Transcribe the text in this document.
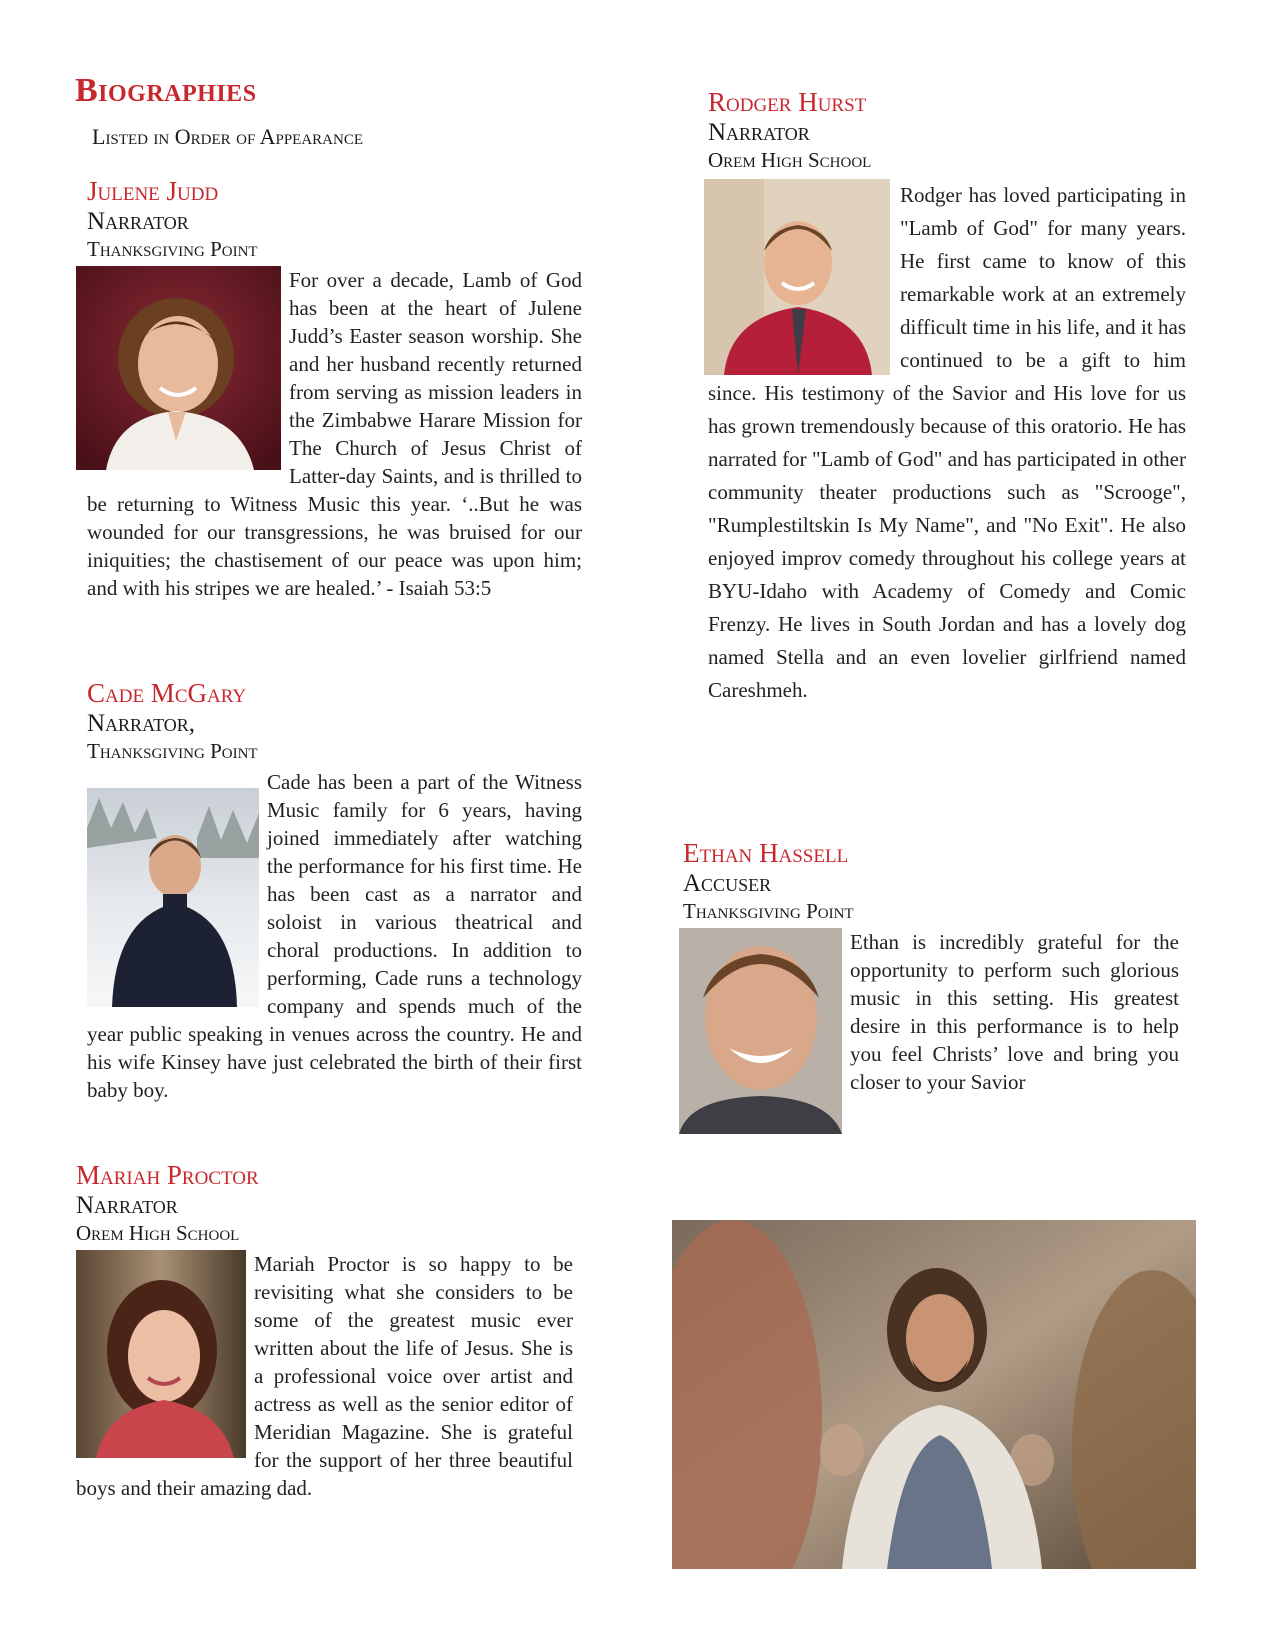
Biographies

Listed in Order of Appearance

Julene Judd
Narrator
Thanksgiving Point
For over a decade, Lamb of God has been at the heart of Julene Judd’s Easter season worship. She and her husband recently returned from serving as mission leaders in the Zimbabwe Harare Mission for The Church of Jesus Christ of Latter-day Saints, and is thrilled to be returning to Witness Music this year. ‘..But he was wounded for our transgressions, he was bruised for our iniquities; the chastisement of our peace was upon him; and with his stripes we are healed.’ - Isaiah 53:5
Cade McGary
Narrator,
Thanksgiving Point
Cade has been a part of the Witness Music family for 6 years, having joined immediately after watching the performance for his first time. He has been cast as a narrator and soloist in various theatrical and choral productions. In addition to performing, Cade runs a technology company and spends much of the year public speaking in venues across the country. He and his wife Kinsey have just celebrated the birth of their first baby boy.
Mariah Proctor
Narrator
Orem High School
Mariah Proctor is so happy to be revisiting what she considers to be some of the greatest music ever written about the life of Jesus. She is a professional voice over artist and actress as well as the senior editor of Meridian Magazine. She is grateful for the support of her three beautiful boys and their amazing dad.
Rodger Hurst
Narrator
Orem High School
Rodger has loved participating in "Lamb of God" for many years. He first came to know of this remarkable work at an extremely difficult time in his life, and it has continued to be a gift to him since. His testimony of the Savior and His love for us has grown tremendously because of this oratorio. He has narrated for "Lamb of God" and has participated in other community theater productions such as "Scrooge", "Rumplestiltskin Is My Name", and "No Exit". He also enjoyed improv comedy throughout his college years at BYU-Idaho with Academy of Comedy and Comic Frenzy. He lives in South Jordan and has a lovely dog named Stella and an even lovelier girlfriend named Careshmeh.
Ethan Hassell
Accuser
Thanksgiving Point
Ethan is incredibly grateful for the opportunity to perform such glorious music in this setting. His greatest desire in this performance is to help you feel Christs’ love and bring you closer to your Savior
